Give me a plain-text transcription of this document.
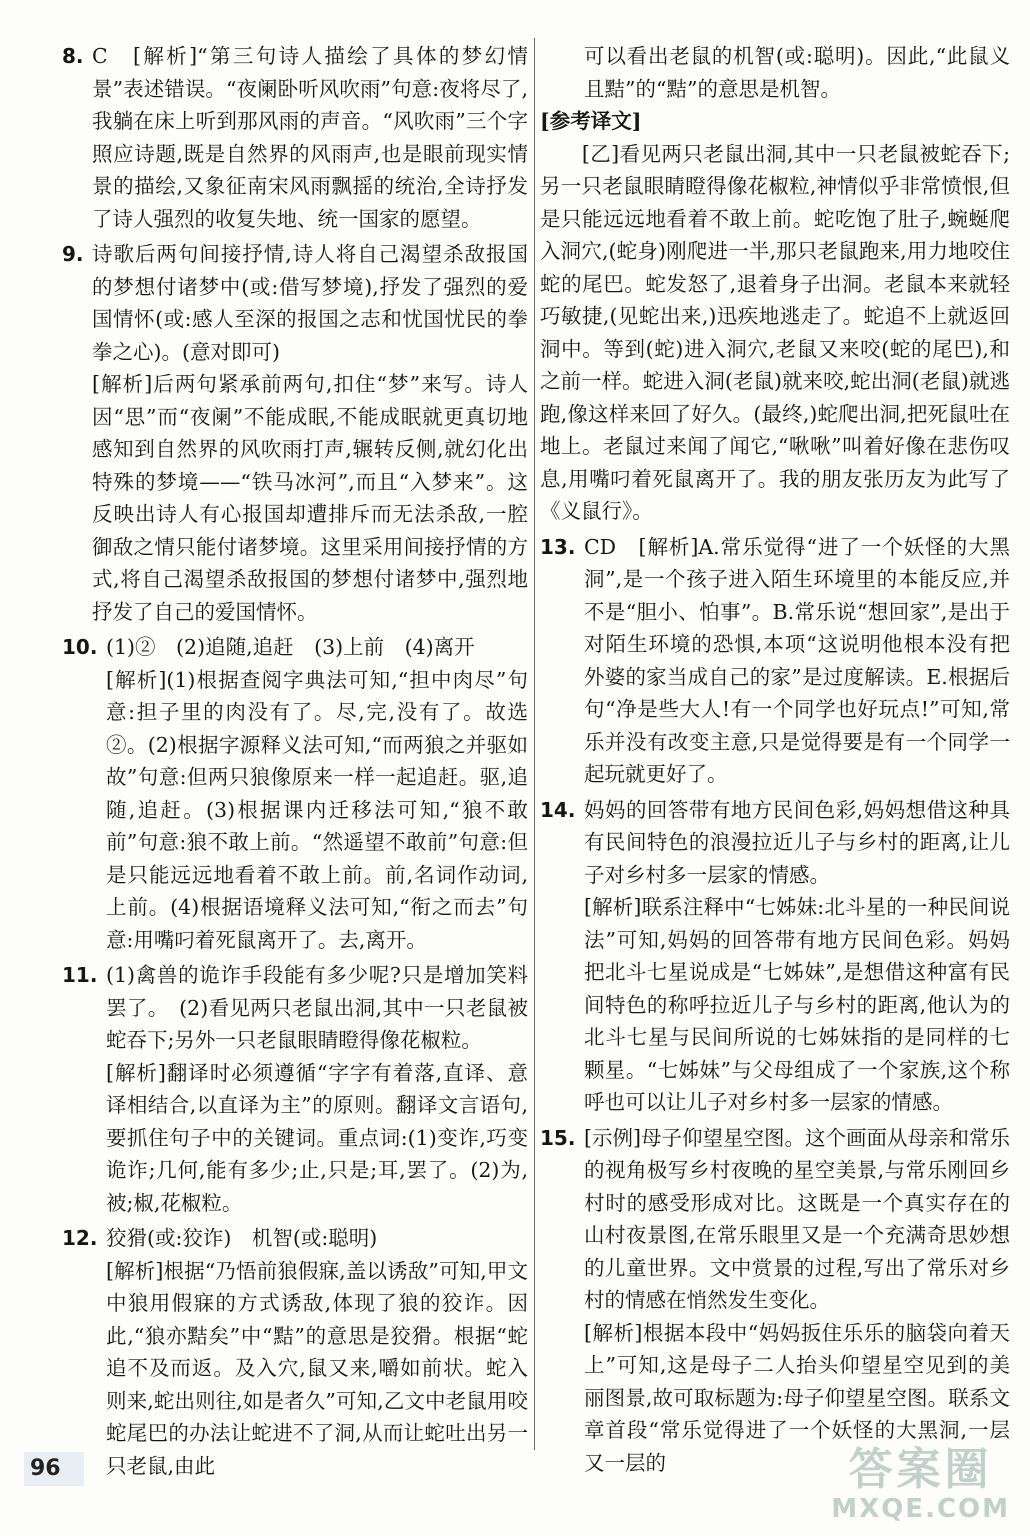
8. C　[解析]“第三句诗人描绘了具体的梦幻情景”表述错误。“夜阑卧听风吹雨”句意:夜将尽了,我躺在床上听到那风雨的声音。“风吹雨”三个字照应诗题,既是自然界的风雨声,也是眼前现实情景的描绘,又象征南宋风雨飘摇的统治,全诗抒发了诗人强烈的收复失地、统一国家的愿望。

9. 诗歌后两句间接抒情,诗人将自己渴望杀敌报国的梦想付诸梦中(或:借写梦境),抒发了强烈的爱国情怀(或:感人至深的报国之志和忧国忧民的拳拳之心)。(意对即可)

[解析]后两句紧承前两句,扣住“梦”来写。诗人因“思”而“夜阑”不能成眠,不能成眠就更真切地感知到自然界的风吹雨打声,辗转反侧,就幻化出特殊的梦境——“铁马冰河”,而且“入梦来”。这反映出诗人有心报国却遭排斥而无法杀敌,一腔御敌之情只能付诸梦境。这里采用间接抒情的方式,将自己渴望杀敌报国的梦想付诸梦中,强烈地抒发了自己的爱国情怀。

10. (1)②　(2)追随,追赶　(3)上前　(4)离开

[解析](1)根据查阅字典法可知,“担中肉尽”句意:担子里的肉没有了。尽,完,没有了。故选②。(2)根据字源释义法可知,“而两狼之并驱如故”句意:但两只狼像原来一样一起追赶。驱,追随,追赶。(3)根据课内迁移法可知,“狼不敢前”句意:狼不敢上前。“然遥望不敢前”句意:但是只能远远地看着不敢上前。前,名词作动词,上前。(4)根据语境释义法可知,“衔之而去”句意:用嘴叼着死鼠离开了。去,离开。

11. (1)禽兽的诡诈手段能有多少呢?只是增加笑料罢了。　(2)看见两只老鼠出洞,其中一只老鼠被蛇吞下;另外一只老鼠眼睛瞪得像花椒粒。

[解析]翻译时必须遵循“字字有着落,直译、意译相结合,以直译为主”的原则。翻译文言语句,要抓住句子中的关键词。重点词:(1)变诈,巧变诡诈;几何,能有多少;止,只是;耳,罢了。(2)为,被;椒,花椒粒。

12. 狡猾(或:狡诈)　机智(或:聪明)

[解析]根据“乃悟前狼假寐,盖以诱敌”可知,甲文中狼用假寐的方式诱敌,体现了狼的狡诈。因此,“狼亦黠矣”中“黠”的意思是狡猾。根据“蛇追不及而返。及入穴,鼠又来,嚼如前状。蛇入则来,蛇出则往,如是者久”可知,乙文中老鼠用咬蛇尾巴的办法让蛇进不了洞,从而让蛇吐出另一只老鼠,由此

可以看出老鼠的机智(或:聪明)。因此,“此鼠义且黠”的“黠”的意思是机智。

[参考译文]

　　[乙]看见两只老鼠出洞,其中一只老鼠被蛇吞下;另一只老鼠眼睛瞪得像花椒粒,神情似乎非常愤恨,但是只能远远地看着不敢上前。蛇吃饱了肚子,蜿蜒爬入洞穴,(蛇身)刚爬进一半,那只老鼠跑来,用力地咬住蛇的尾巴。蛇发怒了,退着身子出洞。老鼠本来就轻巧敏捷,(见蛇出来,)迅疾地逃走了。蛇追不上就返回洞中。等到(蛇)进入洞穴,老鼠又来咬(蛇的尾巴),和之前一样。蛇进入洞(老鼠)就来咬,蛇出洞(老鼠)就逃跑,像这样来回了好久。(最终,)蛇爬出洞,把死鼠吐在地上。老鼠过来闻了闻它,“啾啾”叫着好像在悲伤叹息,用嘴叼着死鼠离开了。我的朋友张历友为此写了《义鼠行》。

13. CD　[解析]A.常乐觉得“进了一个妖怪的大黑洞”,是一个孩子进入陌生环境里的本能反应,并不是“胆小、怕事”。B.常乐说“想回家”,是出于对陌生环境的恐惧,本项“这说明他根本没有把外婆的家当成自己的家”是过度解读。E.根据后句“净是些大人!有一个同学也好玩点!”可知,常乐并没有改变主意,只是觉得要是有一个同学一起玩就更好了。

14. 妈妈的回答带有地方民间色彩,妈妈想借这种具有民间特色的浪漫拉近儿子与乡村的距离,让儿子对乡村多一层家的情感。

[解析]联系注释中“七姊妹:北斗星的一种民间说法”可知,妈妈的回答带有地方民间色彩。妈妈把北斗七星说成是“七姊妹”,是想借这种富有民间特色的称呼拉近儿子与乡村的距离,他认为的北斗七星与民间所说的七姊妹指的是同样的七颗星。“七姊妹”与父母组成了一个家族,这个称呼也可以让儿子对乡村多一层家的情感。

15. [示例]母子仰望星空图。这个画面从母亲和常乐的视角极写乡村夜晚的星空美景,与常乐刚回乡村时的感受形成对比。这既是一个真实存在的山村夜景图,在常乐眼里又是一个充满奇思妙想的儿童世界。文中赏景的过程,写出了常乐对乡村的情感在悄然发生变化。

[解析]根据本段中“妈妈扳住乐乐的脑袋向着天上”可知,这是母子二人抬头仰望星空见到的美丽图景,故可取标题为:母子仰望星空图。联系文章首段“常乐觉得进了一个妖怪的大黑洞,一层又一层的

96	答案圈
MXQE.COM
